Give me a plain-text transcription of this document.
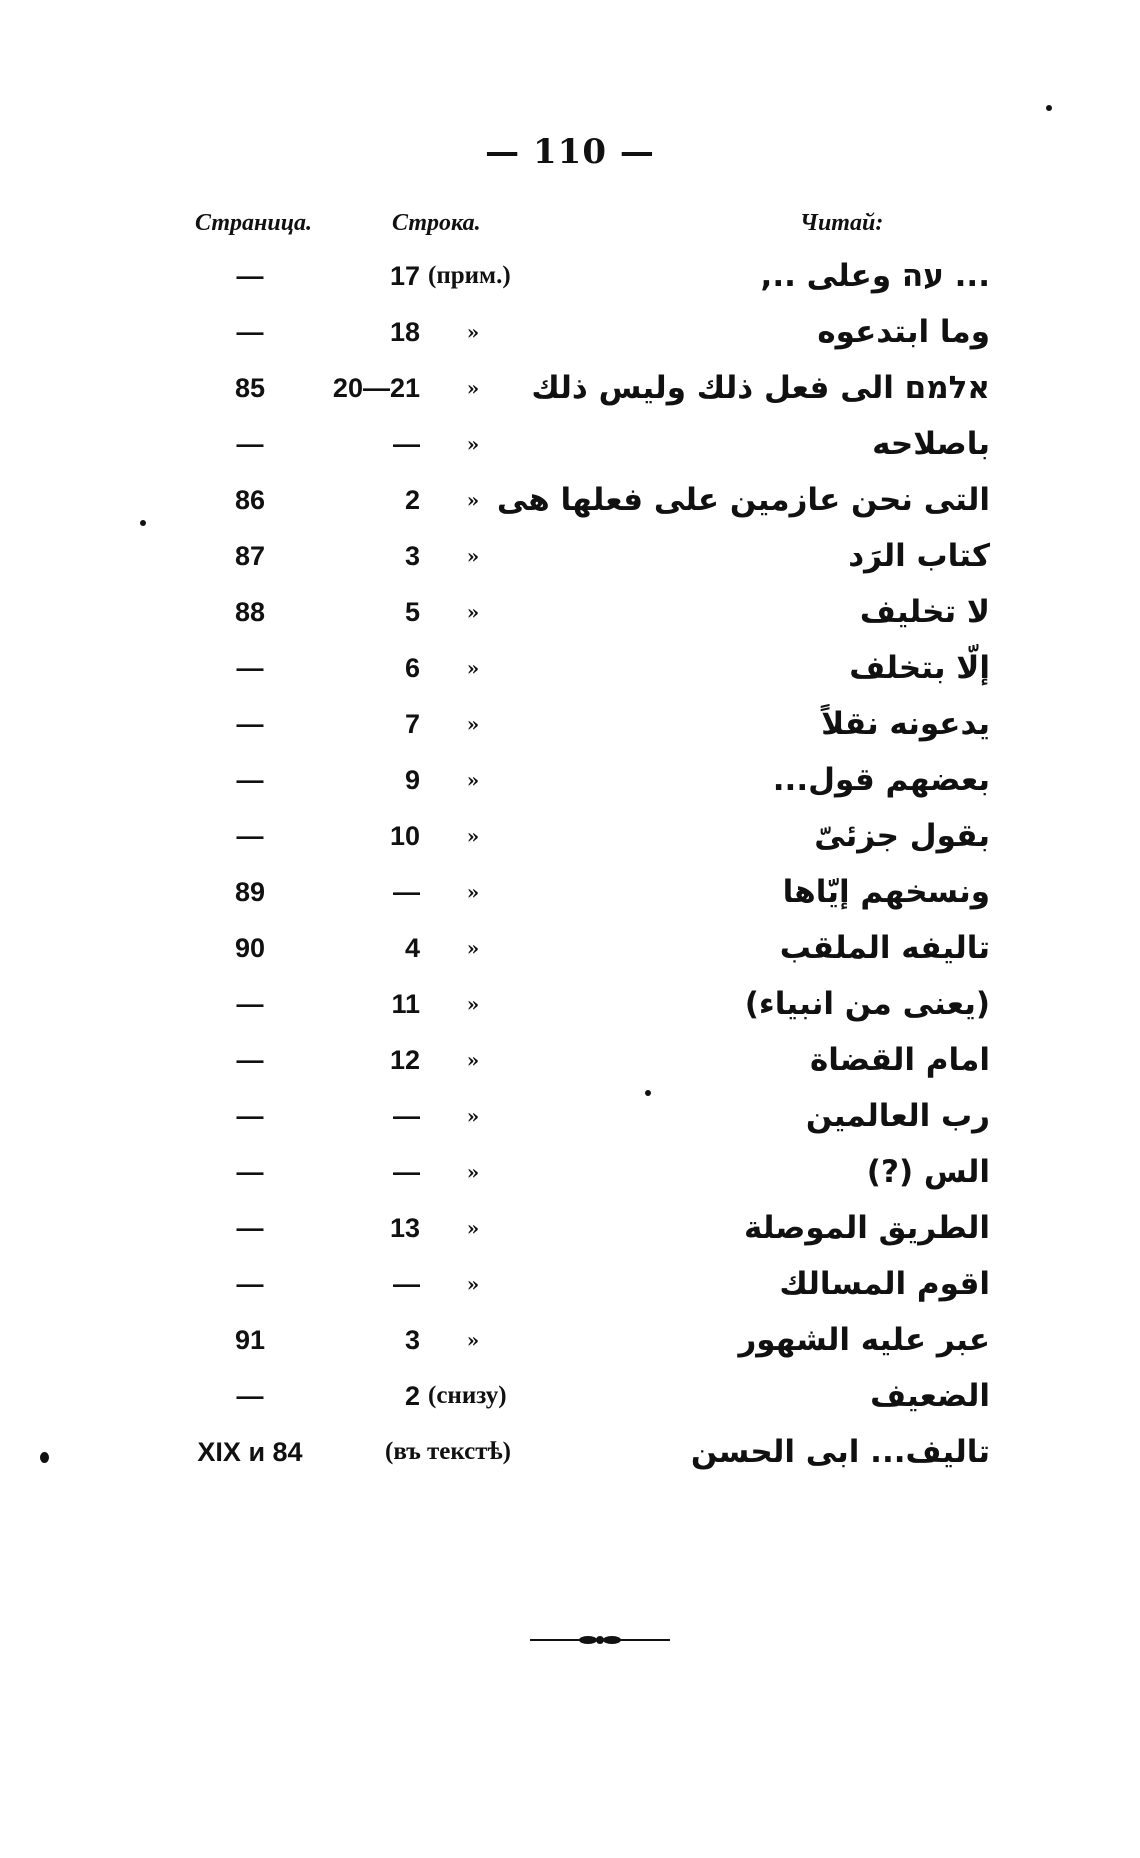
— 110 —
Страница.	Строка.	Читай:
—	17 (прим.)	... עה وعلى ..,
—	18 »	وما ابتدعوه
85	20—21 »	אלמם الى فعل ذلك وليس ذلك
—	— »	باصلاحه
86	2 » التى نحن عازمين على فعلها هى
87	3 »	كتاب الرَد
88	5 »	لا تخليف
—	6 »	إلّا بتخلف
—	7 »	يدعونه نقلاً
—	9 »	بعضهم قول...
—	10 »	بقول جزئىّ
89	— »	ونسخهم إيّاها
90	4 »	تاليفه الملقب
—	11 »	(يعنى من انبياء)
—	12 »	امام القضاة
—	— »	رب العالمين
—	— »	الس (?)
—	13 »	الطريق الموصلة
—	— »	اقوم المسالك
91	3 »	عبر عليه الشهور
—	2 (снизу)	الضعيف
XIX и 84	(въ текстѣ)	تاليف... ابى الحسن
